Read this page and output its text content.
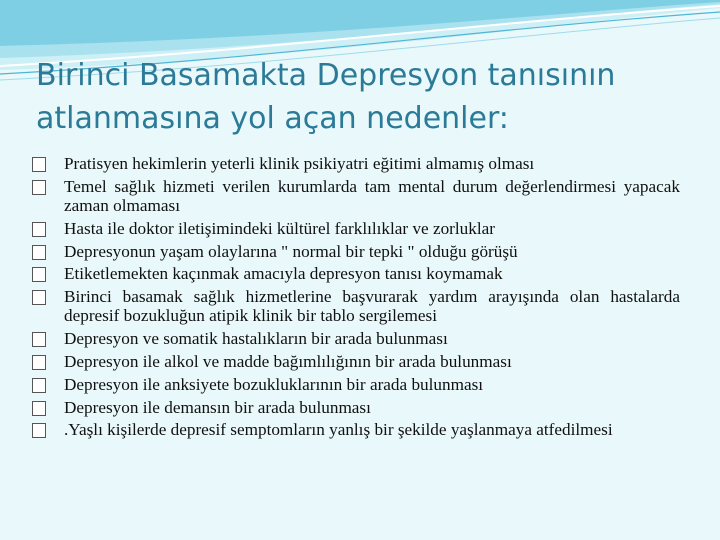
Birinci Basamakta Depresyon tanısının atlanmasına yol açan nedenler:
Pratisyen hekimlerin yeterli klinik psikiyatri eğitimi almamış olması
Temel sağlık hizmeti verilen kurumlarda tam mental durum değerlendirmesi yapacak zaman olmaması
Hasta ile doktor iletişimindeki kültürel farklılıklar ve zorluklar
Depresyonun yaşam olaylarına " normal bir tepki " olduğu görüşü
Etiketlemekten kaçınmak amacıyla depresyon tanısı koymamak
Birinci basamak sağlık hizmetlerine başvurarak yardım arayışında olan hastalarda depresif bozukluğun atipik klinik bir tablo sergilemesi
Depresyon ve somatik hastalıkların bir arada bulunması
Depresyon ile alkol ve madde bağımlılığının bir arada bulunması
Depresyon ile anksiyete bozukluklarının bir arada bulunması
Depresyon ile demansın bir arada bulunması
.Yaşlı kişilerde depresif semptomların yanlış bir şekilde yaşlanmaya atfedilmesi
